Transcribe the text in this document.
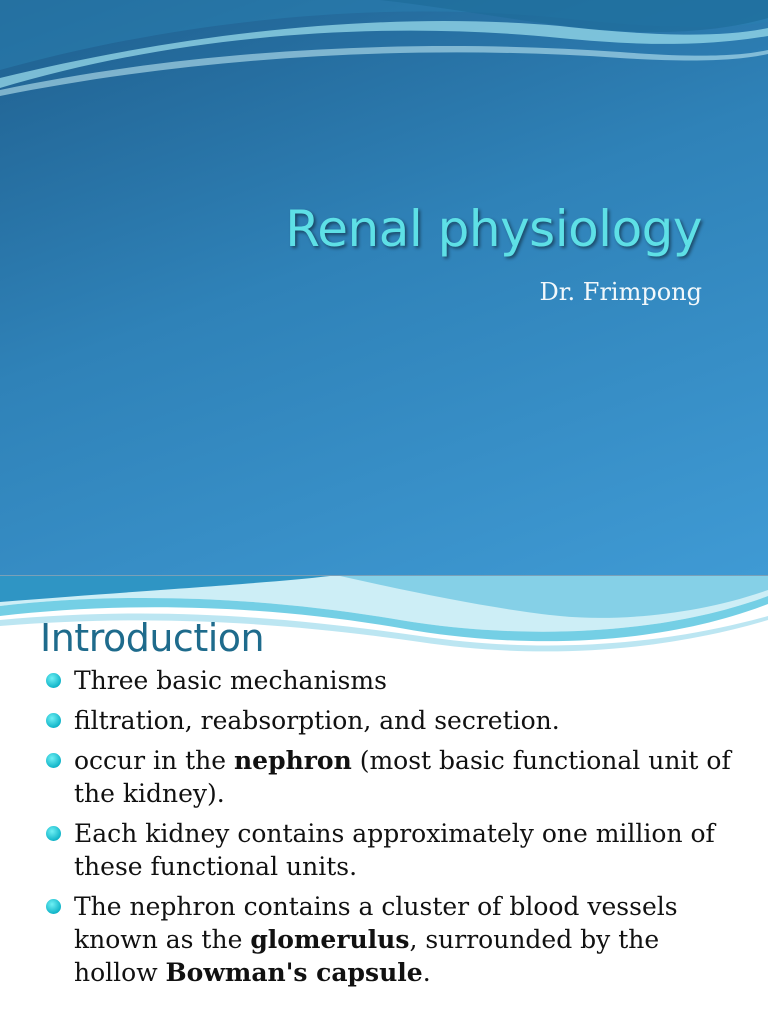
Renal physiology

Dr. Frimpong

Introduction
Three basic mechanisms
filtration, reabsorption, and secretion.
occur in the nephron (most basic functional unit of the kidney).
Each kidney contains approximately one million of these functional units.
The nephron contains a cluster of blood vessels known as the glomerulus, surrounded by the hollow Bowman's capsule.
